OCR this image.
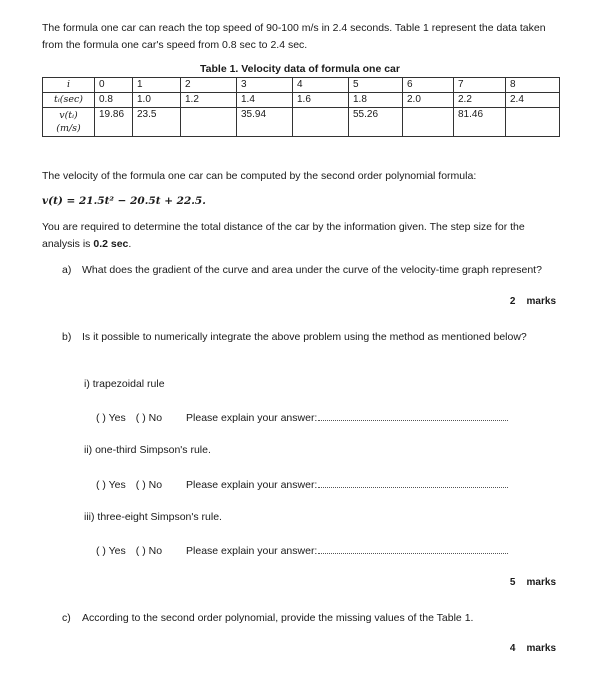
The formula one car can reach the top speed of 90-100 m/s in 2.4 seconds. Table 1 represent the data taken from the formula one car's speed from 0.8 sec to 2.4 sec.
Table 1. Velocity data of formula one car
i	0	1	2	3	4	5	6	7	8
tᵢ(sec)	0.8	1.0	1.2	1.4	1.6	1.8	2.0	2.2	2.4
v(tᵢ)
(m/s)	19.86	23.5		35.94		55.26		81.46	
The velocity of the formula one car can be computed by the second order polynomial formula:
v(t) = 21.5t² − 20.5t + 22.5.
You are required to determine the total distance of the car by the information given. The step size for the analysis is 0.2 sec.
a) What does the gradient of the curve and area under the curve of the velocity-time graph represent?
2 marks
b) Is it possible to numerically integrate the above problem using the method as mentioned below?
i) trapezoidal rule
( ) Yes ( ) No Please explain your answer:
ii) one-third Simpson's rule.
( ) Yes ( ) No Please explain your answer:
iii) three-eight Simpson's rule.
( ) Yes ( ) No Please explain your answer:
5 marks
c) According to the second order polynomial, provide the missing values of the Table 1.
4 marks
